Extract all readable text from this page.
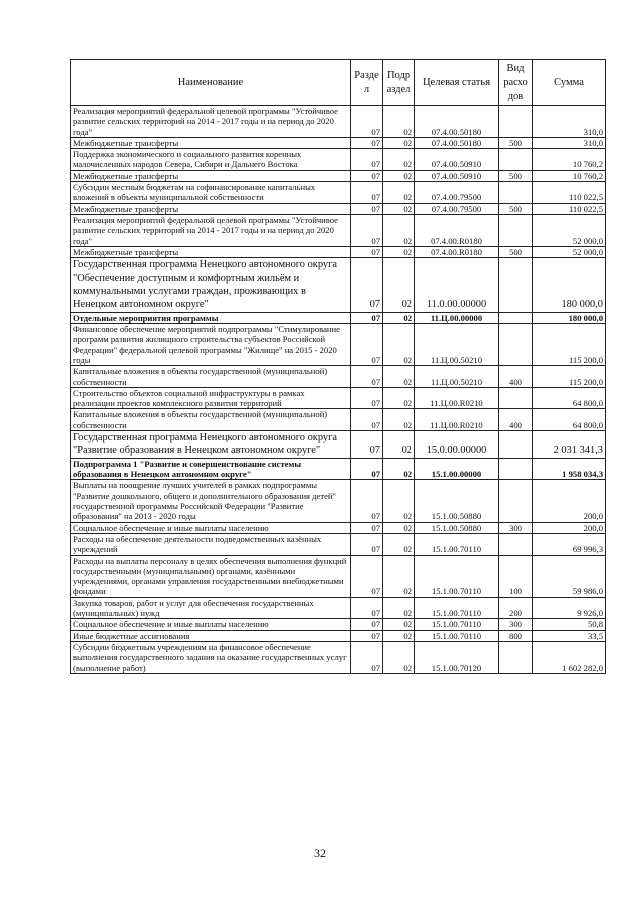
Наименование	Разде л	Подр аздел	Целевая статья	Вид расхо дов	Сумма
Реализация мероприятий федеральной целевой программы "Устойчивое развитие сельских территорий на 2014 - 2017 годы и на период до 2020 года"	07	02	07.4.00.50180		310,0
Межбюджетные трансферты	07	02	07.4.00.50180	500	310,0
Поддержка экономического и социального развития коренных малочисленных народов Севера, Сибири и Дальнего Востока	07	02	07.4.00.50910		10 760,2
Межбюджетные трансферты	07	02	07.4.00.50910	500	10 760,2
Субсидии местным бюджетам на софинансирование капитальных вложений в объекты муниципальной собственности	07	02	07.4.00.79500		110 022,5
Межбюджетные трансферты	07	02	07.4.00.79500	500	110 022,5
Реализация мероприятий федеральной целевой программы "Устойчивое развитие сельских территорий на 2014 - 2017 годы и на период до 2020 года"	07	02	07.4.00.R0180		52 000,0
Межбюджетные трансферты	07	02	07.4.00.R0180	500	52 000,0
Государственная программа Ненецкого автономного округа "Обеспечение доступным и комфортным жильём и коммунальными услугами граждан, проживающих в Ненецком автономном округе"	07	02	11.0.00.00000		180 000,0
Отдельные мероприятия программы	07	02	11.Ц.00.00000		180 000,0
Финансовое обеспечение мероприятий подпрограммы "Стимулирование программ развития жилищного строительства субъектов Российской Федерации" федеральной целевой программы "Жилище" на 2015 - 2020 годы	07	02	11.Ц.00.50210		115 200,0
Капитальные вложения в объекты государственной (муниципальной) собственности	07	02	11.Ц.00.50210	400	115 200,0
Строительство объектов социальной инфраструктуры в рамках реализации проектов комплексного развития территорий	07	02	11.Ц.00.R0210		64 800,0
Капитальные вложения в объекты государственной (муниципальной) собственности	07	02	11.Ц.00.R0210	400	64 800,0
Государственная программа Ненецкого автономного округа "Развитие образования в Ненецком автономном округе"	07	02	15.0.00.00000		2 031 341,3
Подпрограмма 1 "Развитие и совершенствование системы образования в Ненецком автономном округе"	07	02	15.1.00.00000		1 958 034,3
Выплаты на поощрение лучших учителей в рамках подпрограммы "Развитие дошкольного, общего и дополнительного образования детей" государственной программы Российской Федерации "Развитие образования" на 2013 - 2020 годы	07	02	15.1.00.50880		200,0
Социальное обеспечение и иные выплаты населению	07	02	15.1.00.50880	300	200,0
Расходы на обеспечение деятельности подведомственных казённых учреждений	07	02	15.1.00.70110		69 996,3
Расходы на выплаты персоналу в целях обеспечения выполнения функций государственными (муниципальными) органами, казёнными учреждениями, органами управления государственными внебюджетными фондами	07	02	15.1.00.70110	100	59 986,0
Закупка товаров, работ и услуг для обеспечения государственных (муниципальных) нужд	07	02	15.1.00.70110	200	9 926,0
Социальное обеспечение и иные выплаты населению	07	02	15.1.00.70110	300	50,8
Иные бюджетные ассигнования	07	02	15.1.00.70110	800	33,5
Субсидии бюджетным учреждениям на финансовое обеспечение выполнения государственного задания на оказание государственных услуг (выполнение работ)	07	02	15.1.00.70120		1 602 282,0
32
